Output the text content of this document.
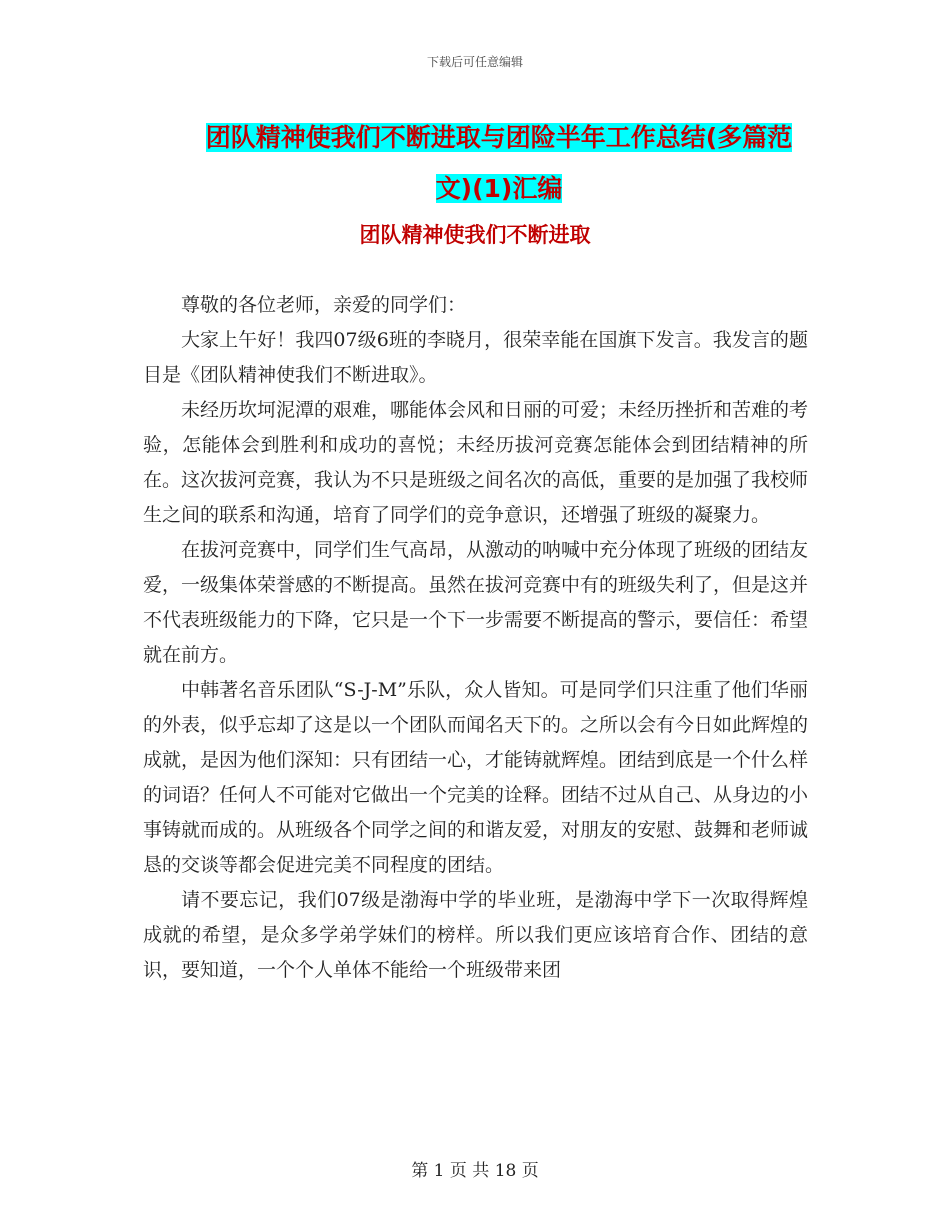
下载后可任意编辑
团队精神使我们不断进取与团险半年工作总结(多篇范
文)(1)汇编
团队精神使我们不断进取

尊敬的各位老师，亲爱的同学们：

大家上午好！我四07级6班的李晓月，很荣幸能在国旗下发言。我发言的题目是《团队精神使我们不断进取》。

未经历坎坷泥潭的艰难，哪能体会风和日丽的可爱；未经历挫折和苦难的考验，怎能体会到胜利和成功的喜悦；未经历拔河竞赛怎能体会到团结精神的所在。这次拔河竞赛，我认为不只是班级之间名次的高低，重要的是加强了我校师生之间的联系和沟通，培育了同学们的竞争意识，还增强了班级的凝聚力。

在拔河竞赛中，同学们生气高昂，从激动的呐喊中充分体现了班级的团结友爱，一级集体荣誉感的不断提高。虽然在拔河竞赛中有的班级失利了，但是这并不代表班级能力的下降，它只是一个下一步需要不断提高的警示，要信任：希望就在前方。

中韩著名音乐团队“S-J-M”乐队，众人皆知。可是同学们只注重了他们华丽的外表，似乎忘却了这是以一个团队而闻名天下的。之所以会有今日如此辉煌的成就，是因为他们深知：只有团结一心，才能铸就辉煌。团结到底是一个什么样的词语？任何人不可能对它做出一个完美的诠释。团结不过从自己、从身边的小事铸就而成的。从班级各个同学之间的和谐友爱，对朋友的安慰、鼓舞和老师诚恳的交谈等都会促进完美不同程度的团结。

请不要忘记，我们07级是渤海中学的毕业班，是渤海中学下一次取得辉煌成就的希望，是众多学弟学妹们的榜样。所以我们更应该培育合作、团结的意识，要知道，一个个人单体不能给一个班级带来团

第 1 页 共 18 页
